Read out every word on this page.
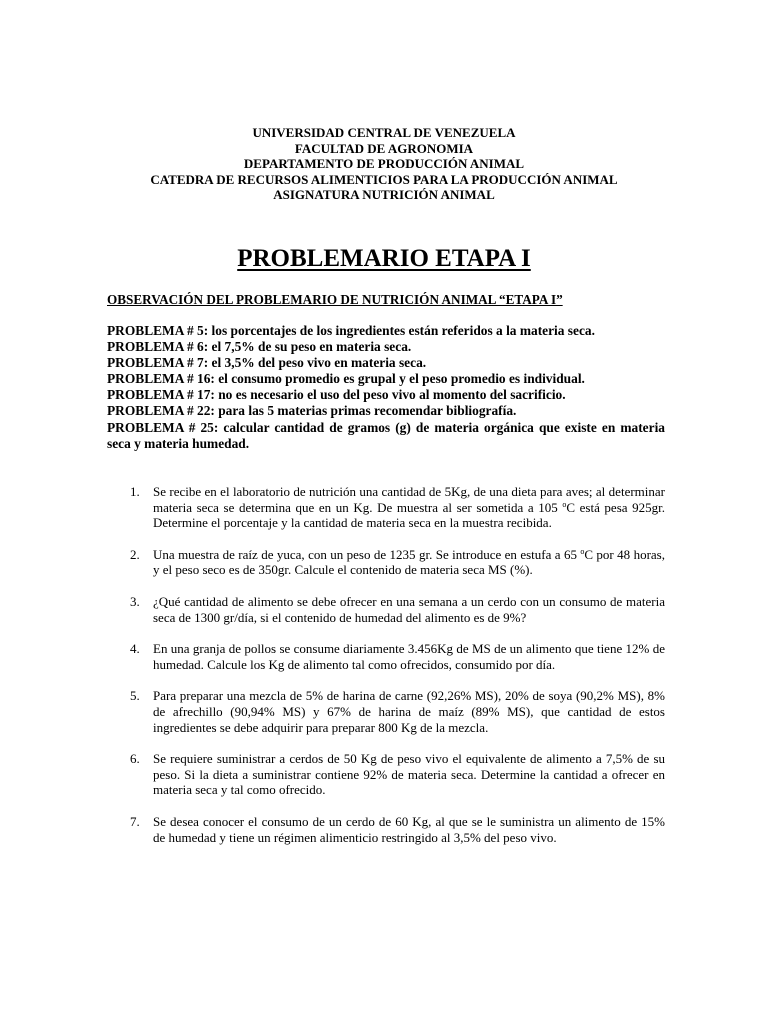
UNIVERSIDAD CENTRAL DE VENEZUELA
FACULTAD DE AGRONOMIA
DEPARTAMENTO DE PRODUCCIÓN ANIMAL
CATEDRA DE RECURSOS ALIMENTICIOS PARA LA PRODUCCIÓN ANIMAL
ASIGNATURA NUTRICIÓN ANIMAL
PROBLEMARIO ETAPA I
OBSERVACIÓN DEL PROBLEMARIO DE NUTRICIÓN ANIMAL “ETAPA I”
PROBLEMA # 5: los porcentajes de los ingredientes están referidos a la materia seca.
PROBLEMA # 6: el 7,5% de su peso en materia seca.
PROBLEMA # 7: el 3,5% del peso vivo en materia seca.
PROBLEMA # 16: el consumo promedio es grupal y el peso promedio es individual.
PROBLEMA # 17: no es necesario el uso del peso vivo al momento del sacrificio.
PROBLEMA # 22: para las 5 materias primas recomendar bibliografía.
PROBLEMA # 25: calcular cantidad de gramos (g) de materia orgánica que existe en materia seca y materia humedad.
1.	Se recibe en el laboratorio de nutrición una cantidad de 5Kg, de una dieta para aves; al determinar materia seca se determina que en un Kg. De muestra al ser sometida a 105 $^o$C está pesa 925gr. Determine el porcentaje y la cantidad de materia seca en la muestra recibida.
2.	Una muestra de raíz de yuca, con un peso de 1235 gr. Se introduce en estufa a 65 $^o$C por 48 horas, y el peso seco es de 350gr. Calcule el contenido de materia seca MS (%).
3.	¿Qué cantidad de alimento se debe ofrecer en una semana a un cerdo con un consumo de materia seca de 1300 gr/día, si el contenido de humedad del alimento es de 9%?
4.	En una granja de pollos se consume diariamente 3.456Kg de MS de un alimento que tiene 12% de humedad. Calcule los Kg de alimento tal como ofrecidos, consumido por día.
5.	Para preparar una mezcla de 5% de harina de carne (92,26% MS), 20% de soya (90,2% MS), 8% de afrechillo (90,94% MS) y 67% de harina de maíz (89% MS), que cantidad de estos ingredientes se debe adquirir para preparar 800 Kg de la mezcla.
6.	Se requiere suministrar a cerdos de 50 Kg de peso vivo el equivalente de alimento a 7,5% de su peso. Si la dieta a suministrar contiene 92% de materia seca. Determine la cantidad a ofrecer en materia seca y tal como ofrecido.
7.	Se desea conocer el consumo de un cerdo de 60 Kg, al que se le suministra un alimento de 15% de humedad y tiene un régimen alimenticio restringido al 3,5% del peso vivo.
